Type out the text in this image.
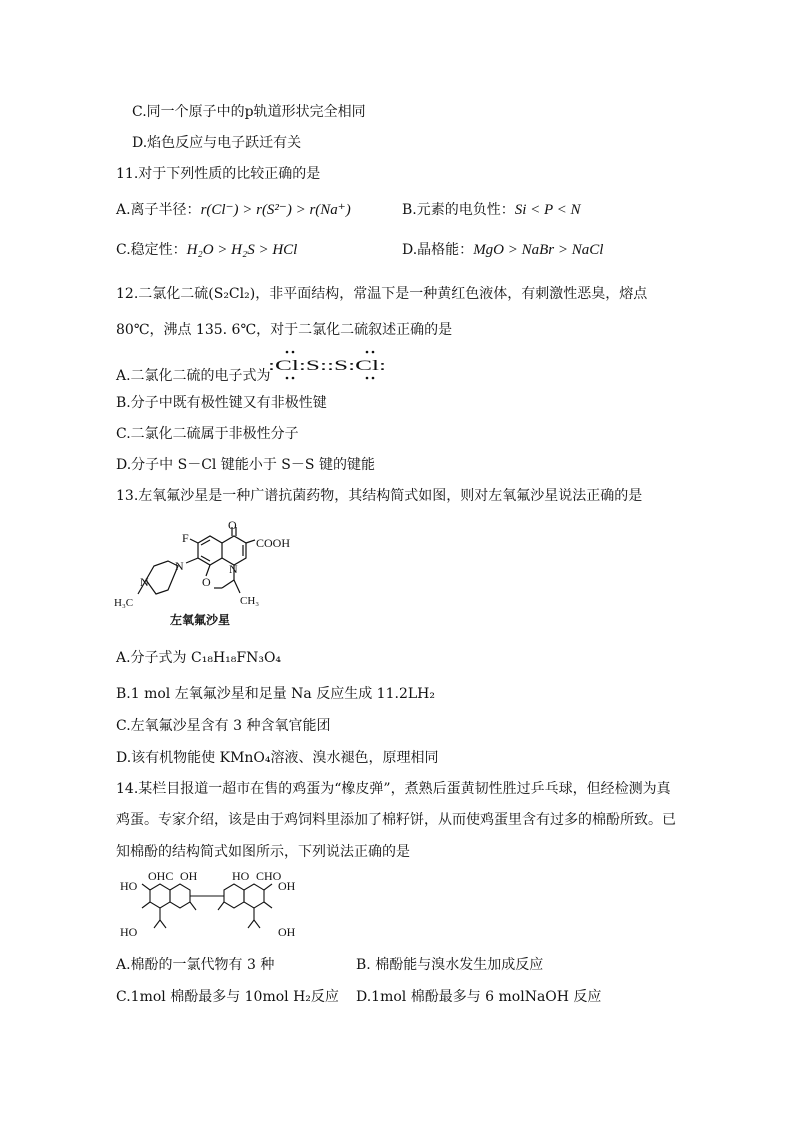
C.同一个原子中的p轨道形状完全相同
D.焰色反应与电子跃迁有关
11.对于下列性质的比较正确的是
A.离子半径：r(Cl⁻) > r(S²⁻) > r(Na⁺)	B.元素的电负性：Si < P < N
C.稳定性：H₂O > H₂S > HCl	D.晶格能：MgO > NaBr > NaCl
12.二氯化二硫(S₂Cl₂)，非平面结构，常温下是一种黄红色液体，有刺激性恶臭，熔点
80℃，沸点 135. 6℃，对于二氯化二硫叙述正确的是
A.二氯化二硫的电子式为
:Cl:S::S:Cl:
B.分子中既有极性键又有非极性键
C.二氯化二硫属于非极性分子
D.分子中 S－Cl 键能小于 S－S 键的键能
13.左氧氟沙星是一种广谱抗菌药物，其结构简式如图，则对左氧氟沙星说法正确的是
O
F	COOH
N
N
N	O
H₃C	CH₃
左氧氟沙星
A.分子式为 C₁₈H₁₈FN₃O₄
B.1 mol 左氧氟沙星和足量 Na 反应生成 11.2LH₂
C.左氧氟沙星含有 3 种含氧官能团
D.该有机物能使 KMnO₄溶液、溴水褪色，原理相同
14.某栏目报道一超市在售的鸡蛋为“橡皮弹”，煮熟后蛋黄韧性胜过乒乓球，但经检测为真
鸡蛋。专家介绍，该是由于鸡饲料里添加了棉籽饼，从而使鸡蛋里含有过多的棉酚所致。已
知棉酚的结构简式如图所示，下列说法正确的是
OHC OH
HO
CHO
HO
OH
HO	OH
A.棉酚的一氯代物有 3 种	B. 棉酚能与溴水发生加成反应
C.1mol 棉酚最多与 10mol H₂反应 D.1mol 棉酚最多与 6 molNaOH 反应
